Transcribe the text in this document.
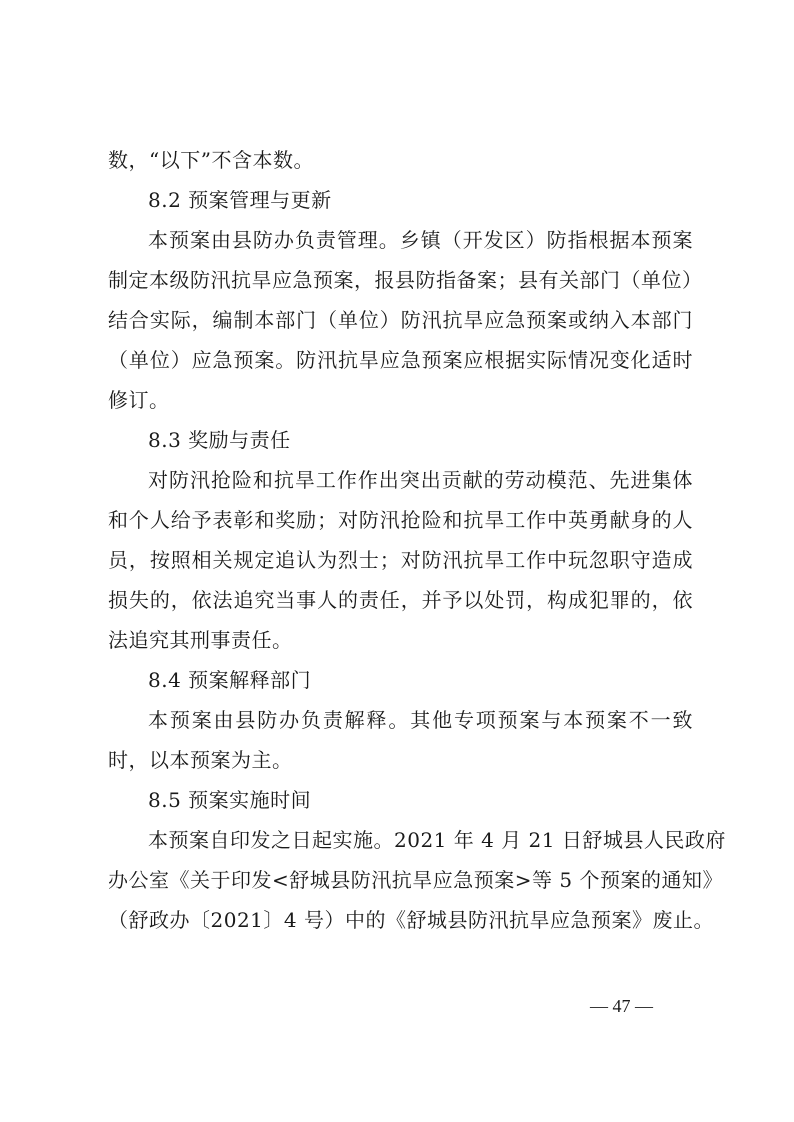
数，“以下”不含本数。
8.2 预案管理与更新
本预案由县防办负责管理。乡镇（开发区）防指根据本预案
制定本级防汛抗旱应急预案，报县防指备案；县有关部门（单位）
结合实际，编制本部门（单位）防汛抗旱应急预案或纳入本部门
（单位）应急预案。防汛抗旱应急预案应根据实际情况变化适时
修订。
8.3 奖励与责任
对防汛抢险和抗旱工作作出突出贡献的劳动模范、先进集体
和个人给予表彰和奖励；对防汛抢险和抗旱工作中英勇献身的人
员，按照相关规定追认为烈士；对防汛抗旱工作中玩忽职守造成
损失的，依法追究当事人的责任，并予以处罚，构成犯罪的，依
法追究其刑事责任。
8.4 预案解释部门
本预案由县防办负责解释。其他专项预案与本预案不一致
时，以本预案为主。
8.5 预案实施时间
本预案自印发之日起实施。2021 年 4 月 21 日舒城县人民政府
办公室《关于印发<舒城县防汛抗旱应急预案>等 5 个预案的通知》
（舒政办〔2021〕4 号）中的《舒城县防汛抗旱应急预案》废止。
— 47 —
